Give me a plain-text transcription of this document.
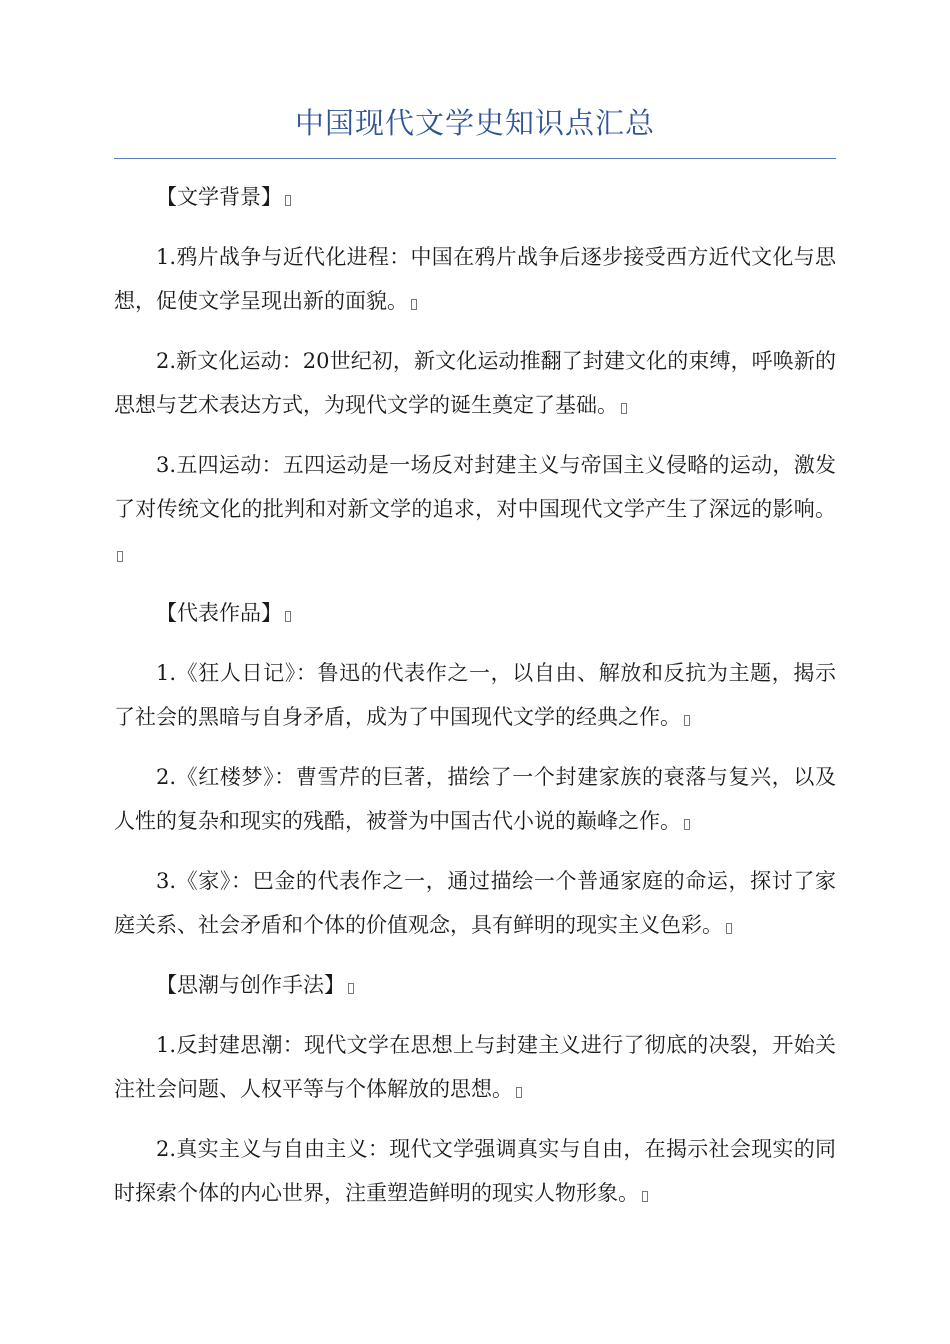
中国现代文学史知识点汇总

【文学背景】

1.鸦片战争与近代化进程：中国在鸦片战争后逐步接受西方近代文化与思想，促使文学呈现出新的面貌。

2.新文化运动：20世纪初，新文化运动推翻了封建文化的束缚，呼唤新的思想与艺术表达方式，为现代文学的诞生奠定了基础。

3.五四运动：五四运动是一场反对封建主义与帝国主义侵略的运动，激发了对传统文化的批判和对新文学的追求，对中国现代文学产生了深远的影响。

【代表作品】

1.《狂人日记》：鲁迅的代表作之一，以自由、解放和反抗为主题，揭示了社会的黑暗与自身矛盾，成为了中国现代文学的经典之作。

2.《红楼梦》：曹雪芹的巨著，描绘了一个封建家族的衰落与复兴，以及人性的复杂和现实的残酷，被誉为中国古代小说的巅峰之作。

3.《家》：巴金的代表作之一，通过描绘一个普通家庭的命运，探讨了家庭关系、社会矛盾和个体的价值观念，具有鲜明的现实主义色彩。

【思潮与创作手法】

1.反封建思潮：现代文学在思想上与封建主义进行了彻底的决裂，开始关注社会问题、人权平等与个体解放的思想。

2.真实主义与自由主义：现代文学强调真实与自由，在揭示社会现实的同时探索个体的内心世界，注重塑造鲜明的现实人物形象。
